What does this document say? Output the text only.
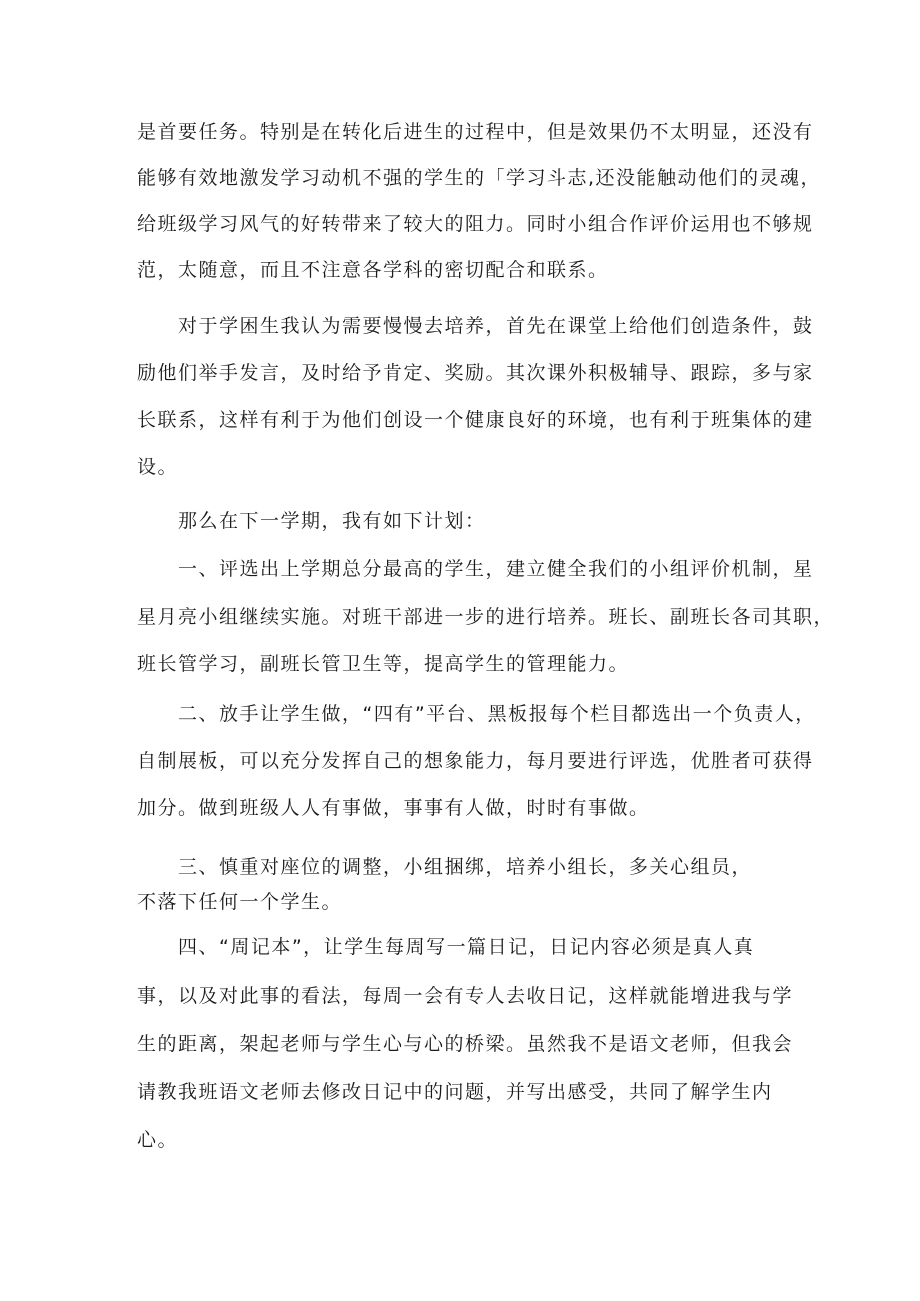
是首要任务。特别是在转化后进生的过程中，但是效果仍不太明显，还没有

能够有效地激发学习动机不强的学生的「学习斗志,还没能触动他们的灵魂，

给班级学习风气的好转带来了较大的阻力。同时小组合作评价运用也不够规

范，太随意，而且不注意各学科的密切配合和联系。

对于学困生我认为需要慢慢去培养，首先在课堂上给他们创造条件，鼓

励他们举手发言，及时给予肯定、奖励。其次课外积极辅导、跟踪，多与家

长联系，这样有利于为他们创设一个健康良好的环境，也有利于班集体的建

设。

那么在下一学期，我有如下计划：

一、评选出上学期总分最高的学生，建立健全我们的小组评价机制，星

星月亮小组继续实施。对班干部进一步的进行培养。班长、副班长各司其职，

班长管学习，副班长管卫生等，提高学生的管理能力。

二、放手让学生做，“四有”平台、黑板报每个栏目都选出一个负责人，

自制展板，可以充分发挥自己的想象能力，每月要进行评选，优胜者可获得

加分。做到班级人人有事做，事事有人做，时时有事做。

三、慎重对座位的调整，小组捆绑，培养小组长，多关心组员，

不落下任何一个学生。

四、“周记本”，让学生每周写一篇日记，日记内容必须是真人真

事，以及对此事的看法，每周一会有专人去收日记，这样就能增进我与学

生的距离，架起老师与学生心与心的桥梁。虽然我不是语文老师，但我会

请教我班语文老师去修改日记中的问题，并写出感受，共同了解学生内

心。
